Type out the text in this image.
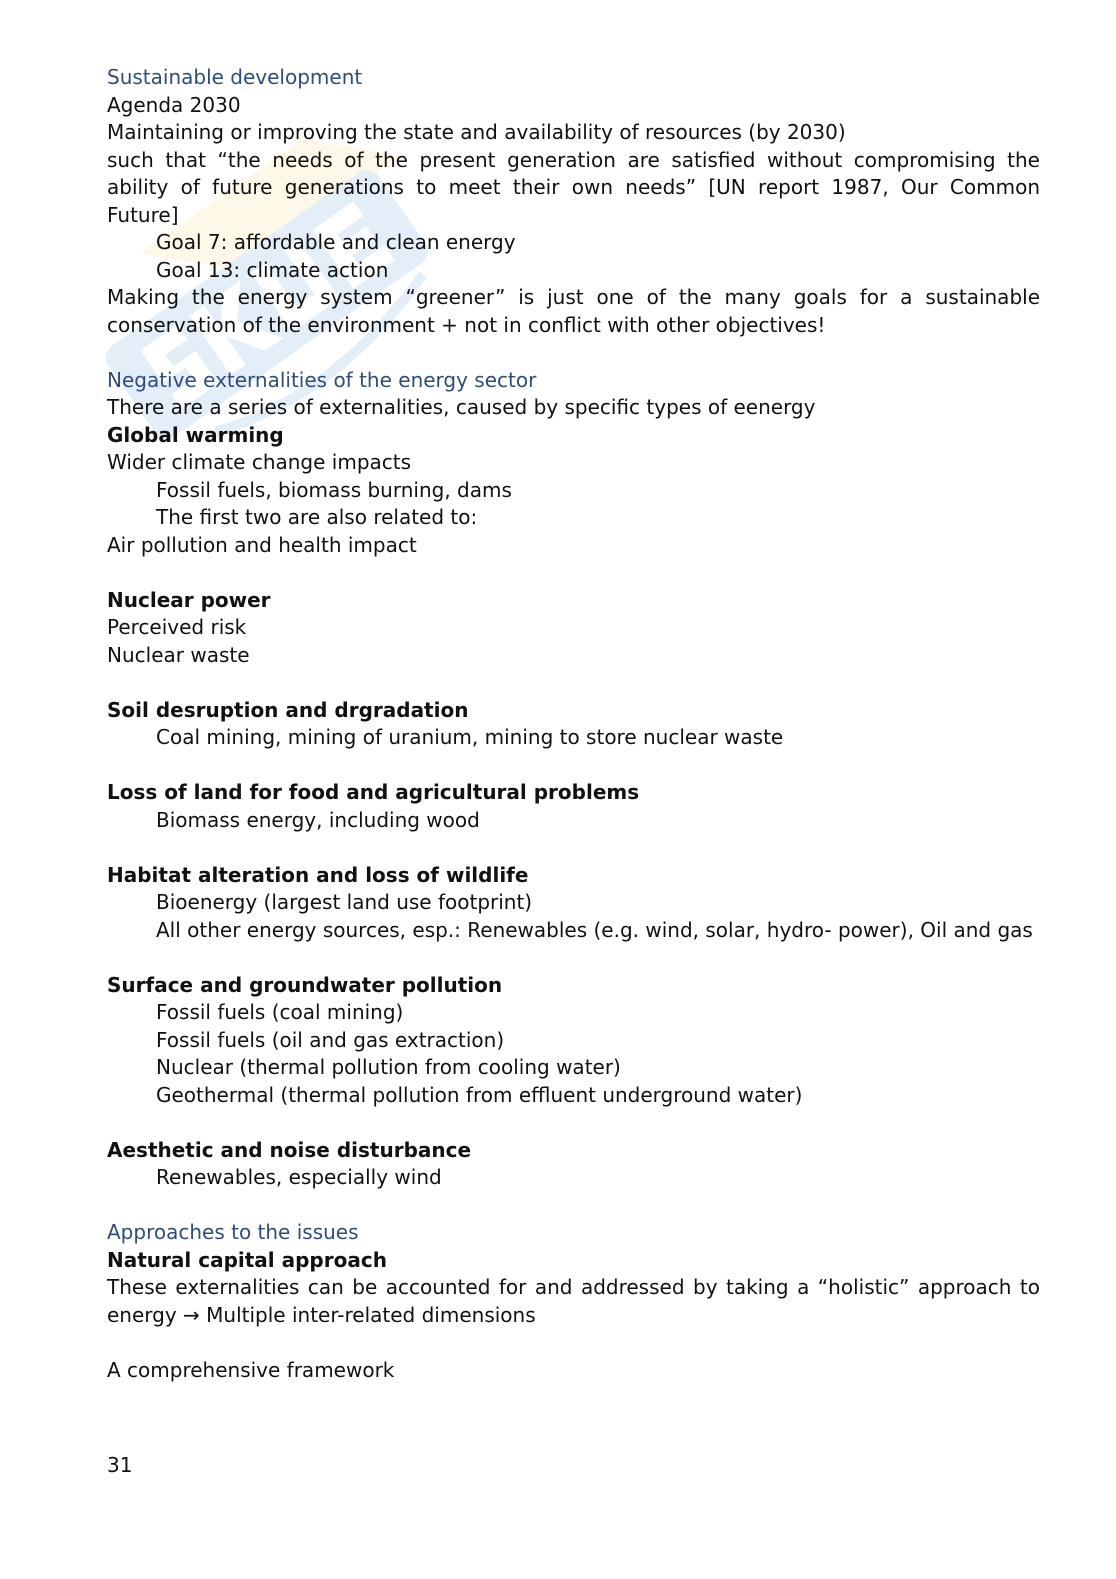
Sustainable development

Agenda 2030

Maintaining or improving the state and availability of resources (by 2030)

such that “the needs of the present generation are satisfied without compromising the ability of future generations to meet their own needs” [UN report 1987, Our Common Future]

Goal 7: affordable and clean energy

Goal 13: climate action

Making the energy system “greener” is just one of the many goals for a sustainable conservation of the environment + not in conflict with other objectives!

Negative externalities of the energy sector

There are a series of externalities, caused by specific types of eenergy

Global warming

Wider climate change impacts

Fossil fuels, biomass burning, dams

The first two are also related to:

Air pollution and health impact

Nuclear power

Perceived risk

Nuclear waste

Soil desruption and drgradation

Coal mining, mining of uranium, mining to store nuclear waste

Loss of land for food and agricultural problems

Biomass energy, including wood

Habitat alteration and loss of wildlife

Bioenergy (largest land use footprint)

All other energy sources, esp.: Renewables (e.g. wind, solar, hydro- power), Oil and gas

Surface and groundwater pollution

Fossil fuels (coal mining)

Fossil fuels (oil and gas extraction)

Nuclear (thermal pollution from cooling water)

Geothermal (thermal pollution from effluent underground water)

Aesthetic and noise disturbance

Renewables, especially wind

Approaches to the issues

Natural capital approach

These externalities can be accounted for and addressed by taking a “holistic” approach to energy → Multiple inter-related dimensions

A comprehensive framework

31
